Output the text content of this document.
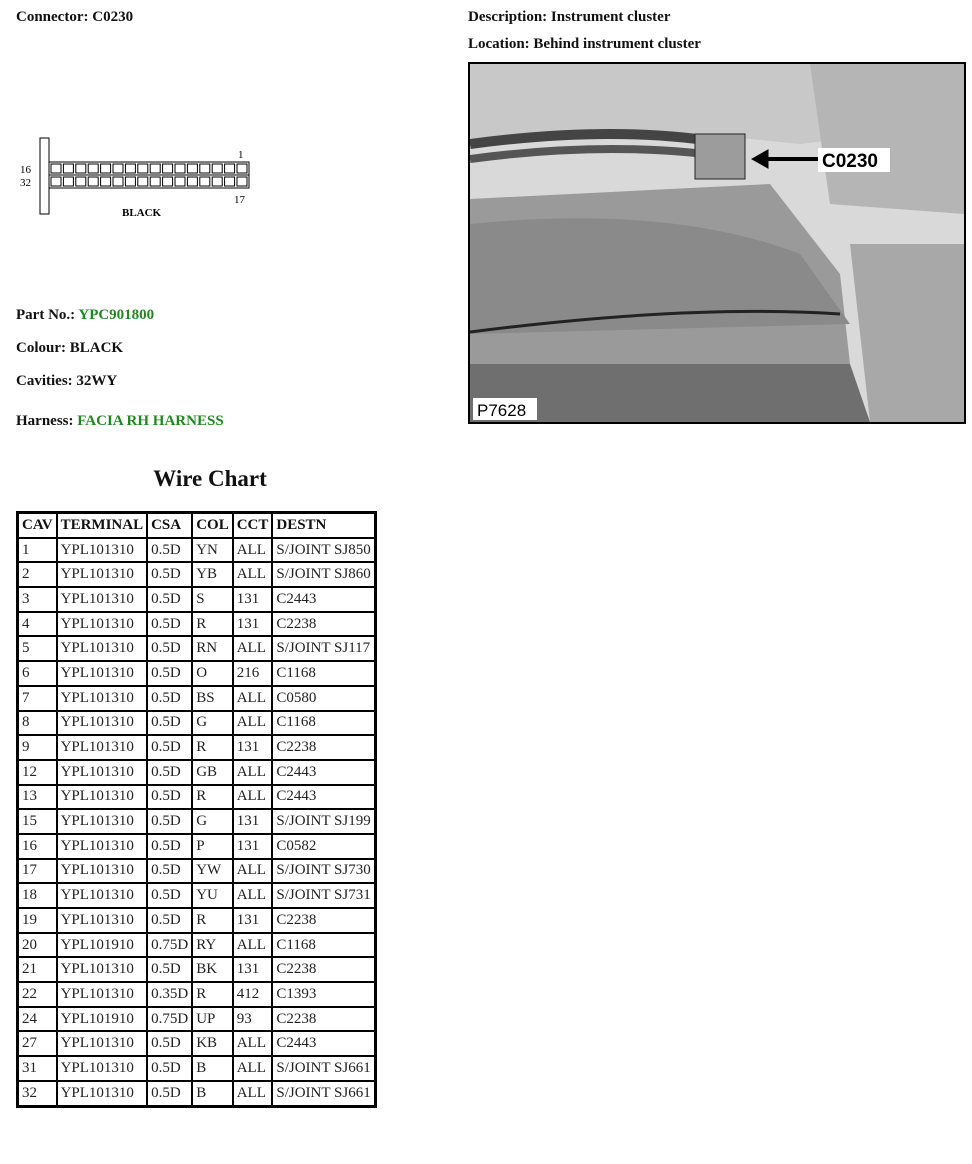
Connector: C0230	Description: Instrument cluster
Location: Behind instrument cluster
1
16
32
17
BLACK
C0230
P7628
Part No.: YPC901800
Colour: BLACK
Cavities: 32WY
Harness: FACIA RH HARNESS
Wire Chart
CAV	TERMINAL	CSA	COL	CCT	DESTN
1	YPL101310	0.5D	YN	ALL	S/JOINT SJ850
2	YPL101310	0.5D	YB	ALL	S/JOINT SJ860
3	YPL101310	0.5D	S	131	C2443
4	YPL101310	0.5D	R	131	C2238
5	YPL101310	0.5D	RN	ALL	S/JOINT SJ117
6	YPL101310	0.5D	O	216	C1168
7	YPL101310	0.5D	BS	ALL	C0580
8	YPL101310	0.5D	G	ALL	C1168
9	YPL101310	0.5D	R	131	C2238
12	YPL101310	0.5D	GB	ALL	C2443
13	YPL101310	0.5D	R	ALL	C2443
15	YPL101310	0.5D	G	131	S/JOINT SJ199
16	YPL101310	0.5D	P	131	C0582
17	YPL101310	0.5D	YW	ALL	S/JOINT SJ730
18	YPL101310	0.5D	YU	ALL	S/JOINT SJ731
19	YPL101310	0.5D	R	131	C2238
20	YPL101910	0.75D	RY	ALL	C1168
21	YPL101310	0.5D	BK	131	C2238
22	YPL101310	0.35D	R	412	C1393
24	YPL101910	0.75D	UP	93	C2238
27	YPL101310	0.5D	KB	ALL	C2443
31	YPL101310	0.5D	B	ALL	S/JOINT SJ661
32	YPL101310	0.5D	B	ALL	S/JOINT SJ661
